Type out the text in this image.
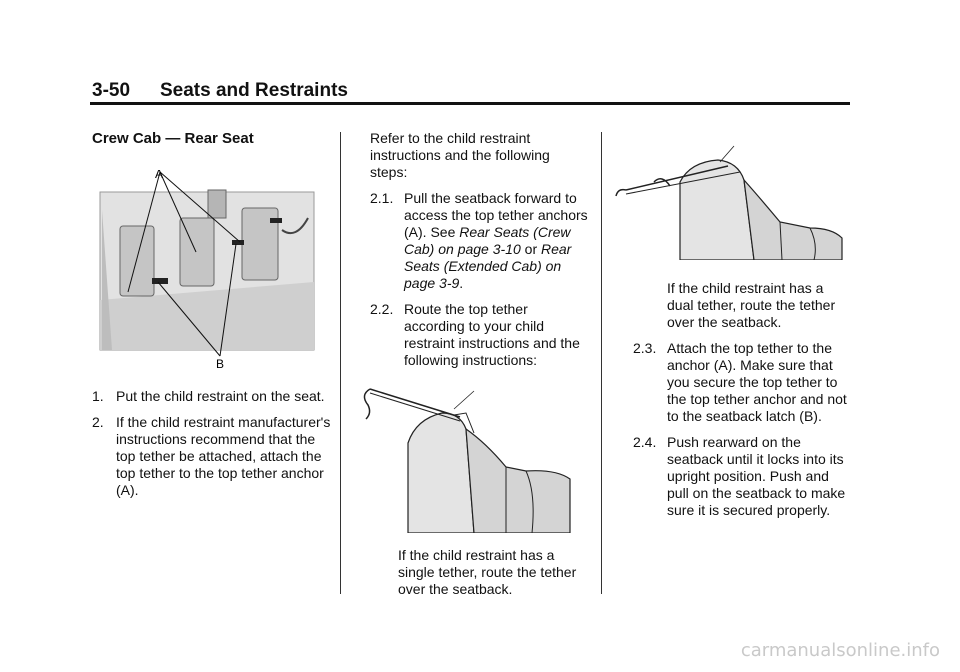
3-50 Seats and Restraints
Crew Cab — Rear Seat
A
B
1. Put the child restraint on the seat.
2. If the child restraint manufacturer's instructions recommend that the top tether be attached, attach the top tether to the top tether anchor (A).

Refer to the child restraint instructions and the following steps:

2.1. Pull the seatback forward to access the top tether anchors (A). See Rear Seats (Crew Cab) on page 3-10 or Rear Seats (Extended Cab) on page 3-9.
2.2. Route the top tether according to your child restraint instructions and the following instructions:

If the child restraint has a single tether, route the tether over the seatback.

If the child restraint has a dual tether, route the tether over the seatback.

2.3. Attach the top tether to the anchor (A). Make sure that you secure the top tether to the top tether anchor and not to the seatback latch (B).
2.4. Push rearward on the seatback until it locks into its upright position. Push and pull on the seatback to make sure it is secured properly.
carmanualsonline.info
